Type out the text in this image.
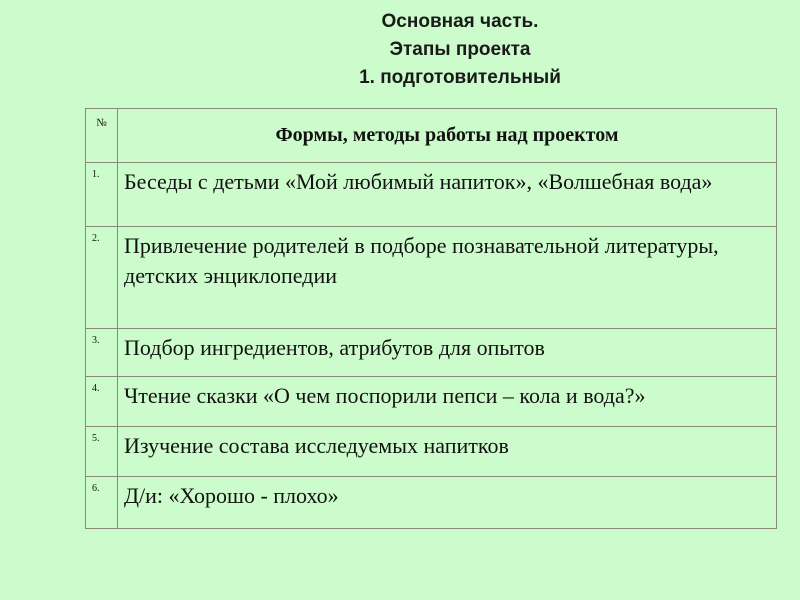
Основная часть.
Этапы проекта
1. подготовительный
№	Формы, методы работы над проектом
1.	Беседы с детьми «Мой любимый напиток», «Волшебная вода»
2.	Привлечение родителей в подборе познавательной литературы, детских энциклопедии
3.	Подбор ингредиентов, атрибутов для опытов
4.	Чтение сказки «О чем поспорили пепси – кола и вода?»
5.	Изучение состава исследуемых напитков
6.	Д/и: «Хорошо - плохо»
